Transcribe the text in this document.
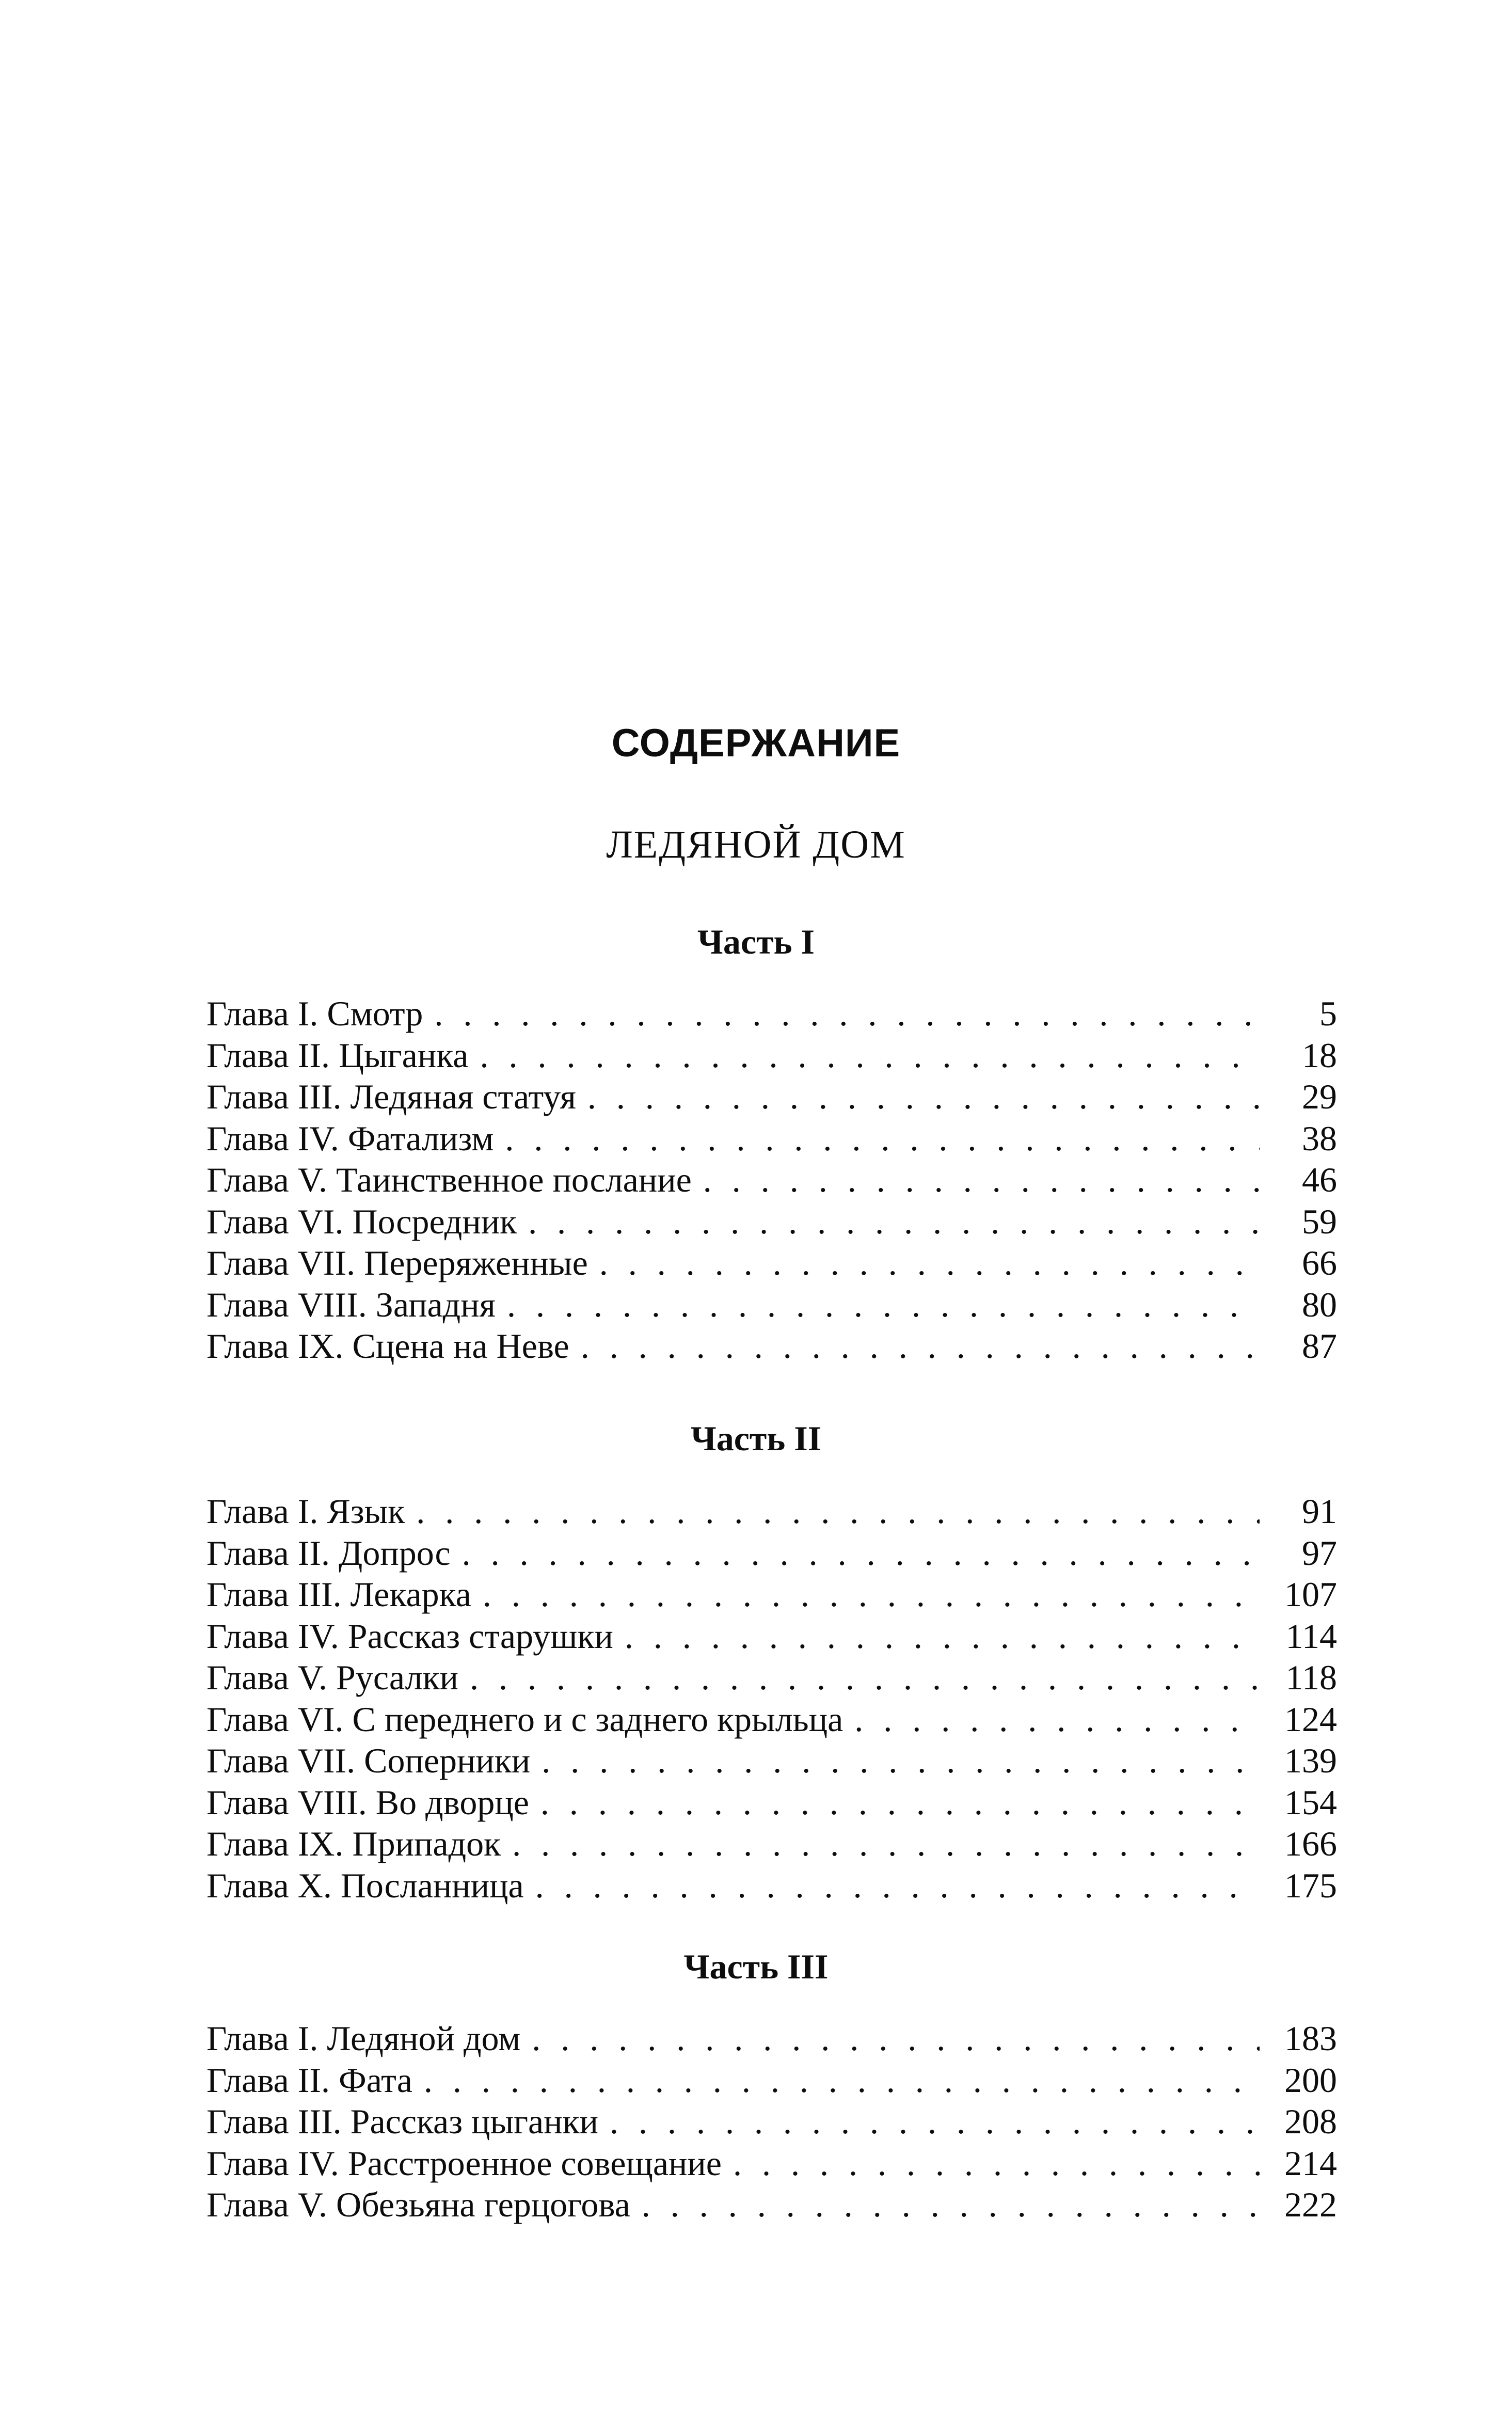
СОДЕРЖАНИЕ
ЛЕДЯНОЙ ДОМ
Часть I
Глава I. Смотр . . .	5
Глава II. Цыганка . . .	18
Глава III. Ледяная статуя . . .	29
Глава IV. Фатализм . . .	38
Глава V. Таинственное послание . . .	46
Глава VI. Посредник . . .	59
Глава VII. Переряженные . . .	66
Глава VIII. Западня . . .	80
Глава IX. Сцена на Неве . . .	87
Часть II
Глава I. Язык . . .	91
Глава II. Допрос . . .	97
Глава III. Лекарка . . .	107
Глава IV. Рассказ старушки . . .	114
Глава V. Русалки . . .	118
Глава VI. С переднего и с заднего крыльца . . .	124
Глава VII. Соперники . . .	139
Глава VIII. Во дворце . . .	154
Глава IX. Припадок . . .	166
Глава X. Посланница . . .	175
Часть III
Глава I. Ледяной дом . . .	183
Глава II. Фата . . .	200
Глава III. Рассказ цыганки . . .	208
Глава IV. Расстроенное совещание . . .	214
Глава V. Обезьяна герцогова . . .	222
